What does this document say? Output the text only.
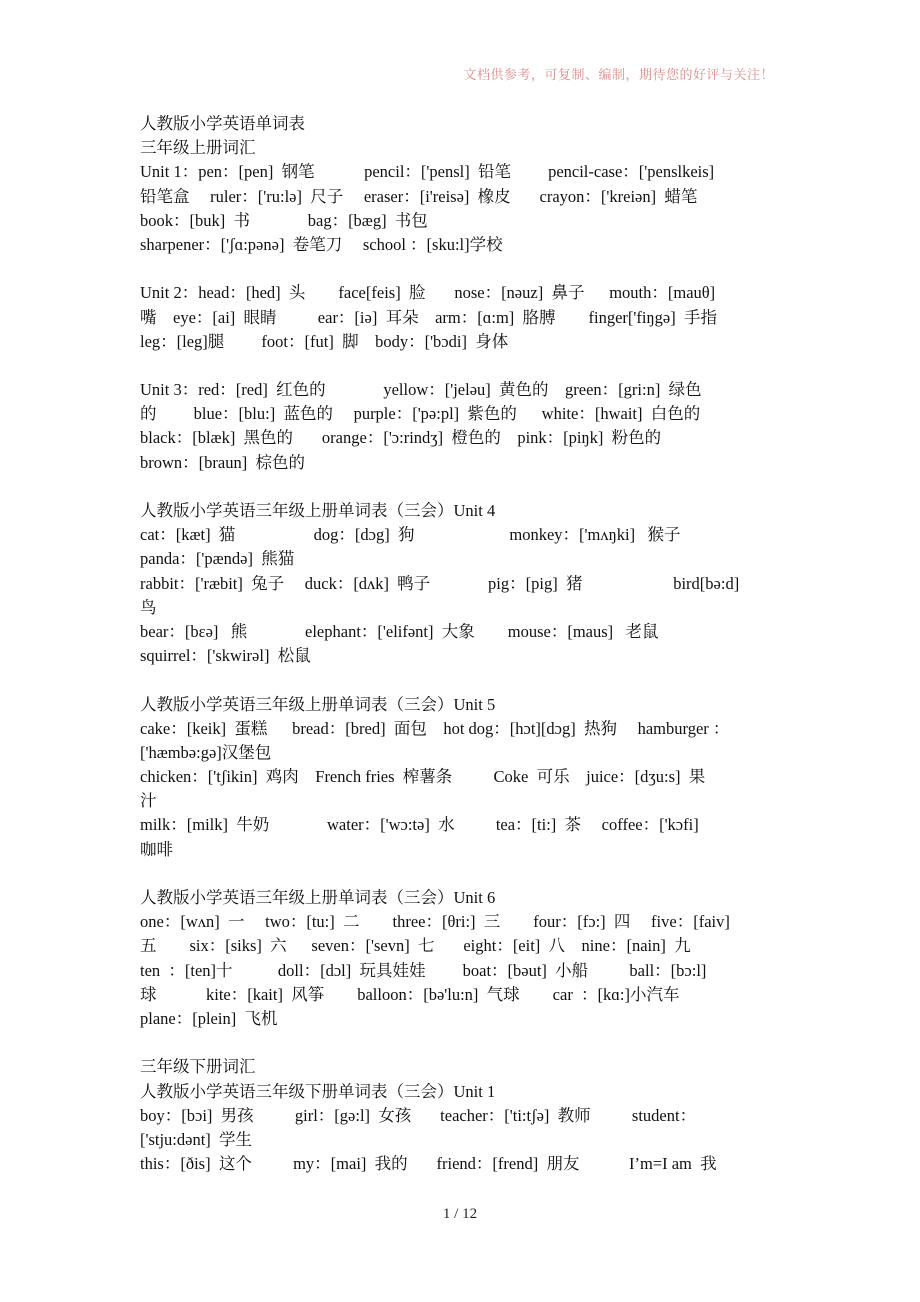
文档供参考，可复制、编制，期待您的好评与关注！
人教版小学英语单词表
三年级上册词汇
Unit 1：pen：[pen]  钢笔            pencil：['pensl]  铅笔         pencil-case：['penslkeis]
铅笔盒     ruler：['ru:lə]  尺子     eraser：[i'reisə]  橡皮       crayon：['kreiən]  蜡笔
book：[buk]  书              bag：[bæg]  书包
sharpener：['ʃɑ:pənə]  卷笔刀     school ：[sku:l]学校
Unit 2：head：[hed]  头        face[feis]  脸       nose：[nəuz]  鼻子      mouth：[mauθ]
嘴    eye：[ai]  眼睛          ear：[iə]  耳朵    arm：[ɑ:m]  胳膊        finger['fiŋgə]  手指
leg：[leg]腿         foot：[fut]  脚    body：['bɔdi]  身体
Unit 3：red：[red]  红色的              yellow：['jeləu]  黄色的    green：[gri:n]  绿色
的         blue：[blu:]  蓝色的     purple：['pə:pl]  紫色的      white：[hwait]  白色的
black：[blæk]  黑色的       orange：['ɔ:rindʒ]  橙色的    pink：[piŋk]  粉色的
brown：[braun]  棕色的
人教版小学英语三年级上册单词表（三会）Unit 4
cat：[kæt]  猫                   dog：[dɔg]  狗                       monkey：['mʌŋki]   猴子
panda：['pændə]  熊猫
rabbit：['ræbit]  兔子     duck：[dʌk]  鸭子              pig：[pig]  猪                      bird[bə:d]
鸟
bear：[bɛə]   熊              elephant：['elifənt]  大象        mouse：[maus]   老鼠
squirrel：['skwirəl]  松鼠
人教版小学英语三年级上册单词表（三会）Unit 5
cake：[keik]  蛋糕      bread：[bred]  面包    hot dog：[hɔt][dɔg]  热狗     hamburger ：
['hæmbə:gə]汉堡包
chicken：['tʃikin]  鸡肉    French fries  榨薯条          Coke  可乐    juice：[dʒu:s]  果
汁
milk：[milk]  牛奶              water：['wɔ:tə]  水          tea：[ti:]  茶     coffee：['kɔfi]
咖啡
人教版小学英语三年级上册单词表（三会）Unit 6
one：[wʌn]  一     two：[tu:]  二        three：[θri:]  三        four：[fɔ:]  四     five：[faiv]
五        six：[siks]  六      seven：['sevn]  七       eight：[eit]  八    nine：[nain]  九
ten  ：[ten]十           doll：[dɔl]  玩具娃娃         boat：[bəut]  小船          ball：[bɔ:l]
球            kite：[kait]  风筝        balloon：[bə'lu:n]  气球        car  ：[kɑ:]小汽车
plane：[plein]  飞机
三年级下册词汇
人教版小学英语三年级下册单词表（三会）Unit 1
boy：[bɔi]  男孩          girl：[gə:l]  女孩       teacher：['ti:tʃə]  教师          student：
['stju:dənt]  学生
this：[ðis]  这个          my：[mai]  我的       friend：[frend]  朋友            I’m=I am  我
1 / 12
